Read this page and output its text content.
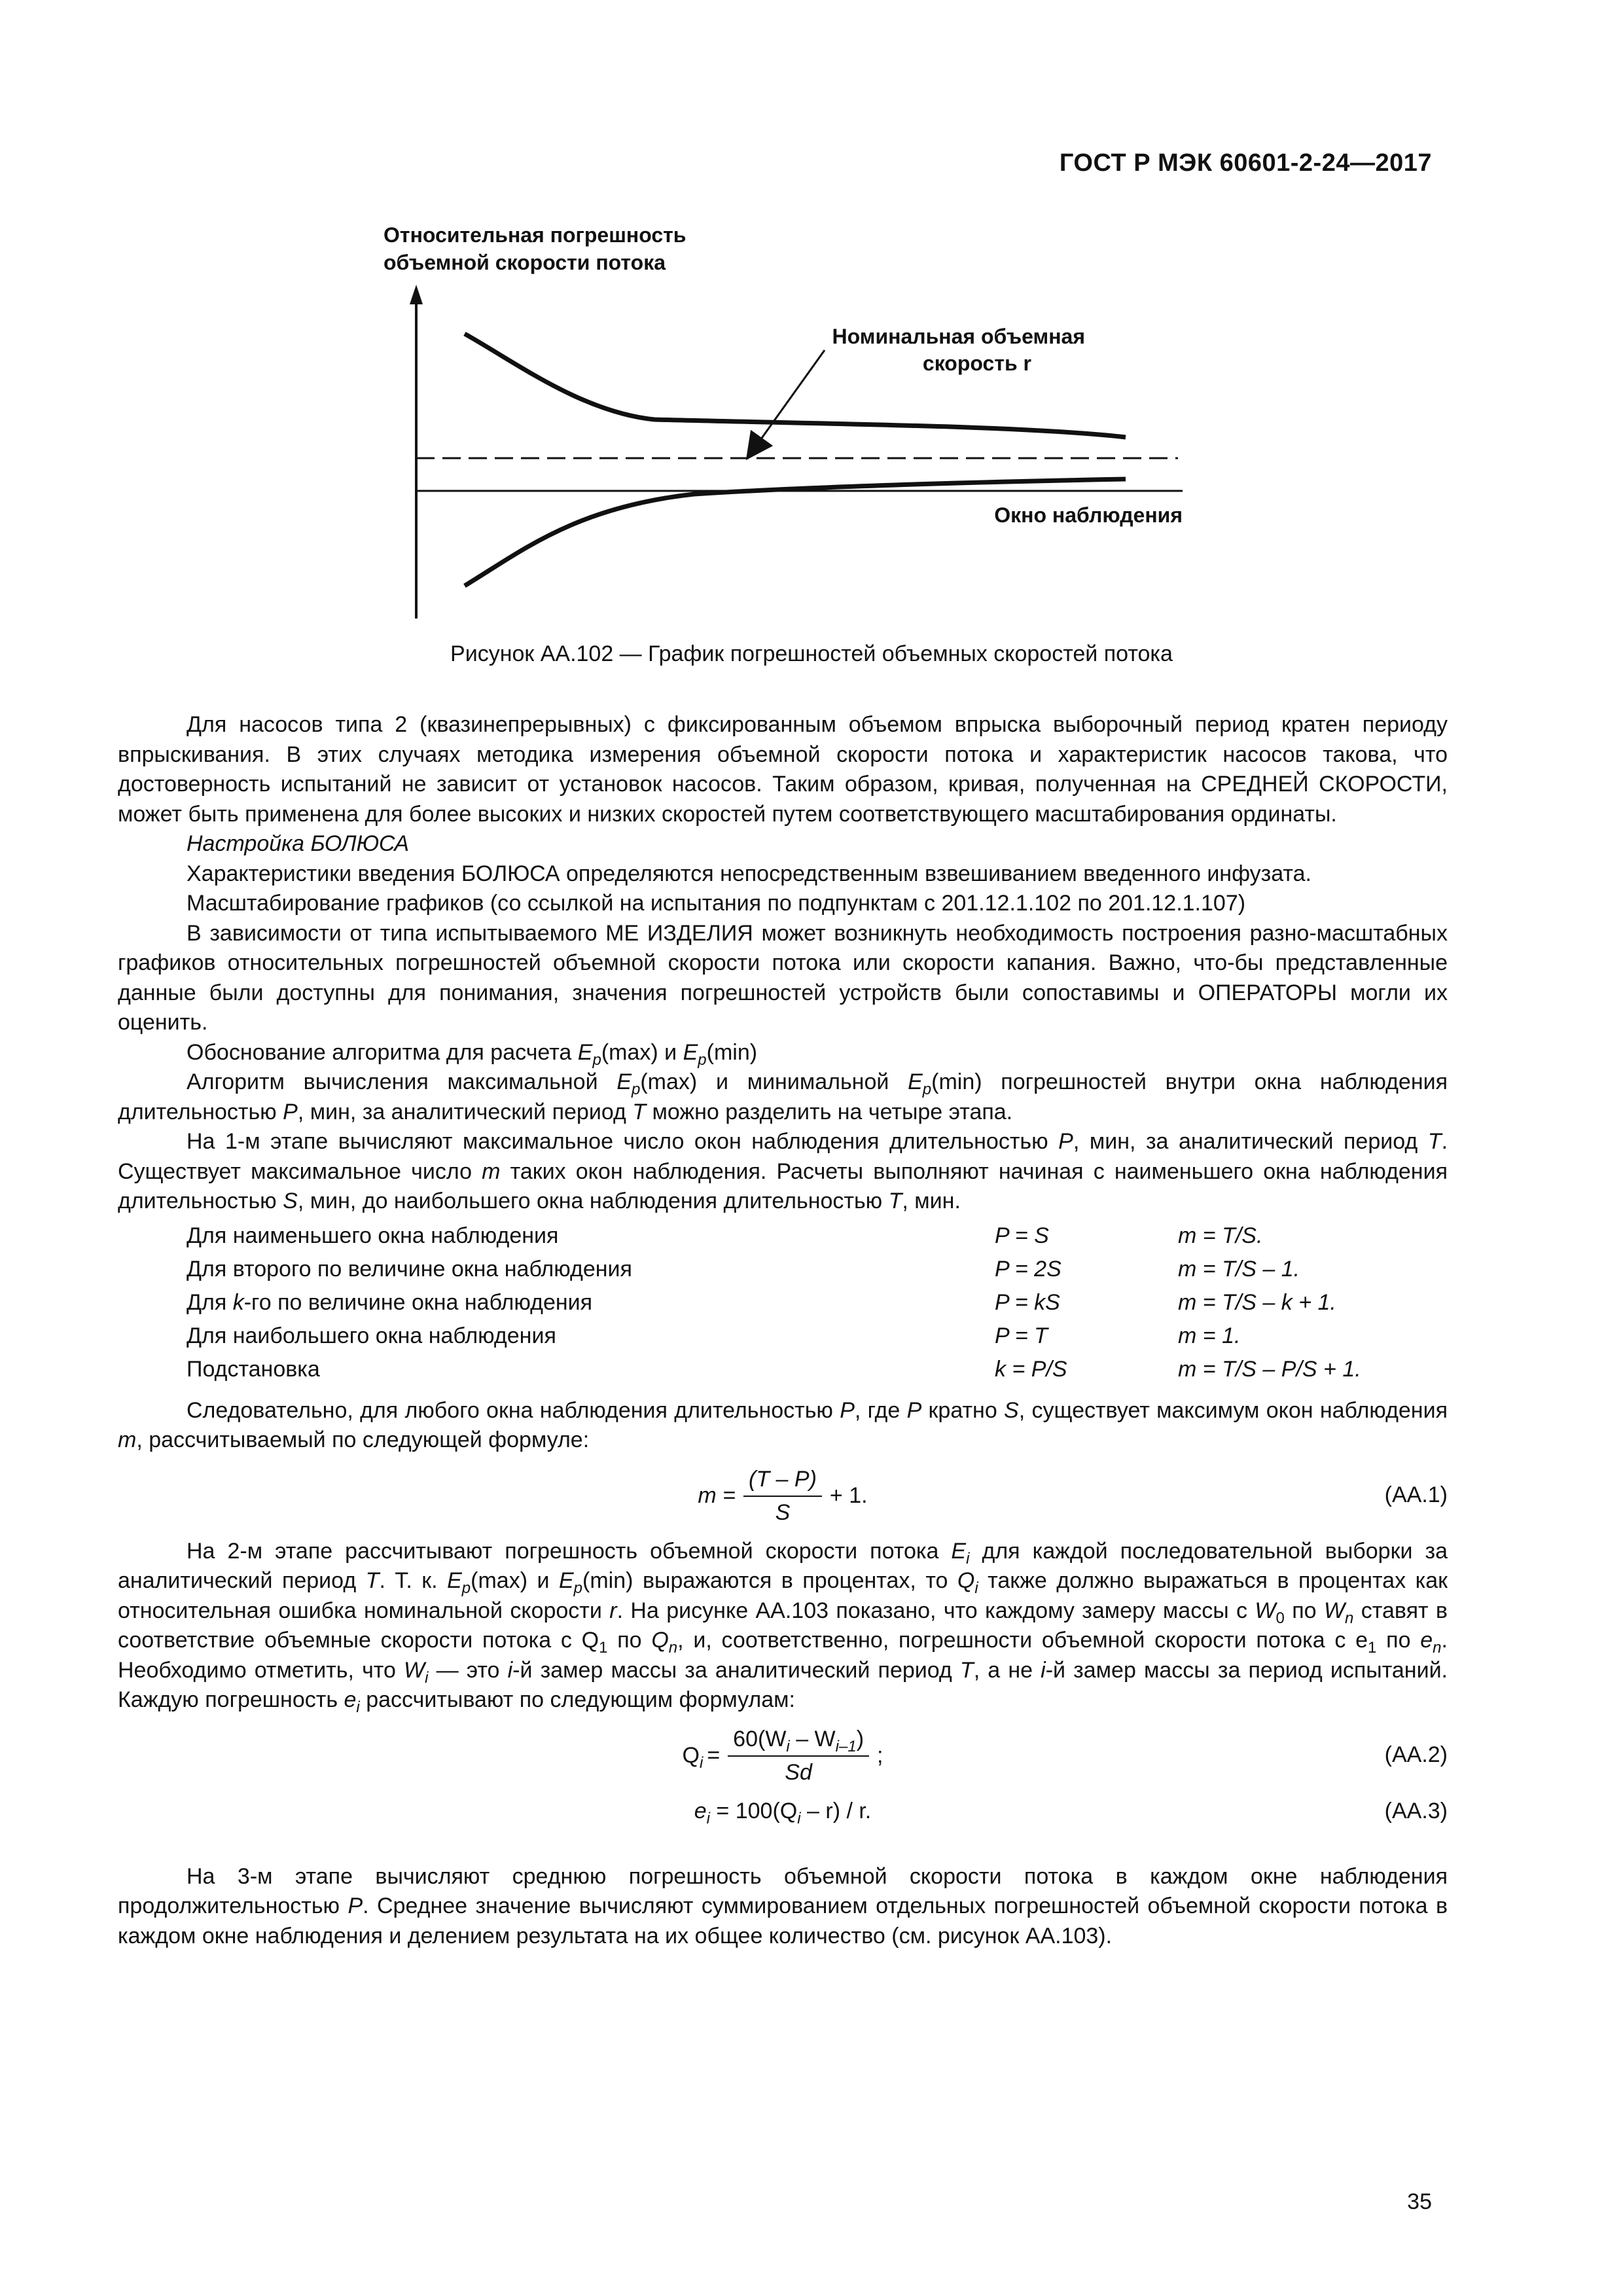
ГОСТ Р МЭК 60601-2-24—2017
Относительная погрешность
объемной скорости потока
Номинальная объемная
скорость r
Окно наблюдения
Рисунок АА.102 — График погрешностей объемных скоростей потока

Для насосов типа 2 (квазинепрерывных) с фиксированным объемом впрыска выборочный период кратен периоду впрыскивания. В этих случаях методика измерения объемной скорости потока и характеристик насосов такова, что достоверность испытаний не зависит от установок насосов. Таким образом, кривая, полученная на СРЕДНЕЙ СКОРОСТИ, может быть применена для более высоких и низких скоростей путем соответствующего масштабирования ординаты.

Настройка БОЛЮСА

Характеристики введения БОЛЮСА определяются непосредственным взвешиванием введенного инфузата.

Масштабирование графиков (со ссылкой на испытания по подпунктам с 201.12.1.102 по 201.12.1.107)

В зависимости от типа испытываемого МЕ ИЗДЕЛИЯ может возникнуть необходимость построения разно-масштабных графиков относительных погрешностей объемной скорости потока или скорости капания. Важно, что-бы представленные данные были доступны для понимания, значения погрешностей устройств были сопоставимы и ОПЕРАТОРЫ могли их оценить.

Обоснование алгоритма для расчета $E_p(\max)$ и $E_p(\min)$

Алгоритм вычисления максимальной $E_p(\max)$ и минимальной $E_p(\min)$ погрешностей внутри окна наблюдения длительностью P, мин, за аналитический период T можно разделить на четыре этапа.

На 1-м этапе вычисляют максимальное число окон наблюдения длительностью P, мин, за аналитический период T. Существует максимальное число m таких окон наблюдения. Расчеты выполняют начиная с наименьшего окна наблюдения длительностью S, мин, до наибольшего окна наблюдения длительностью T, мин.

Для наименьшего окна наблюдения	P = S	m = T/S.
Для второго по величине окна наблюдения	P = 2S	m = T/S – 1.
Для k-го по величине окна наблюдения	P = kS	m = T/S – k + 1.
Для наибольшего окна наблюдения	P = T	m = 1.
Подстановка	k = P/S	m = T/S – P/S + 1.

Следовательно, для любого окна наблюдения длительностью P, где P кратно S, существует максимум окон наблюдения m, рассчитываемый по следующей формуле:

$m = \frac{(T - P)}{S} + 1$.	(АА.1)

На 2-м этапе рассчитывают погрешность объемной скорости потока $E_i$ для каждой последовательной выборки за аналитический период T. Т. к. $E_p(\max)$ и $E_p(\min)$ выражаются в процентах, то $Q_i$ также должно выражаться в процентах как относительная ошибка номинальной скорости r. На рисунке АА.103 показано, что каждому замеру массы с $W_0$ по $W_n$ ставят в соответствие объемные скорости потока с $Q_1$ по $Q_n$, и, соответственно, погрешности объемной скорости потока с $e_1$ по $e_n$. Необходимо отметить, что $W_i$ — это i-й замер массы за аналитический период T, а не i-й замер массы за период испытаний. Каждую погрешность $e_i$ рассчитывают по следующим формулам:

$Q_i = \frac{60(W_i - W_{i-1})}{Sd}$ ;	(АА.2)
$e_i = 100(Q_i - r) / r$.	(АА.3)

На 3-м этапе вычисляют среднюю погрешность объемной скорости потока в каждом окне наблюдения продолжительностью P. Среднее значение вычисляют суммированием отдельных погрешностей объемной скорости потока в каждом окне наблюдения и делением результата на их общее количество (см. рисунок АА.103).

35
